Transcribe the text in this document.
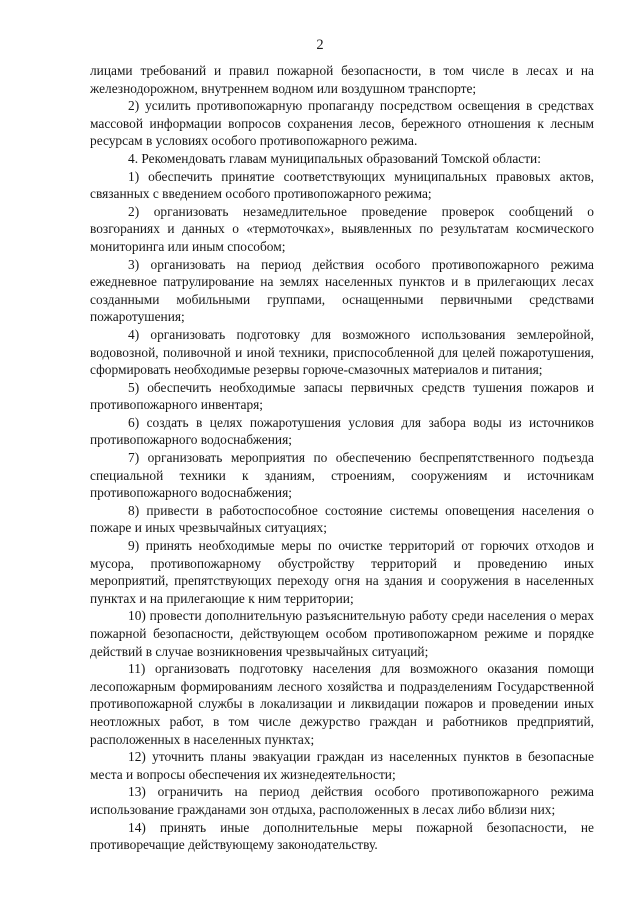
2

лицами требований и правил пожарной безопасности, в том числе в лесах и на железнодорожном, внутреннем водном или воздушном транспорте;

2) усилить противопожарную пропаганду посредством освещения в средствах массовой информации вопросов сохранения лесов, бережного отношения к лесным ресурсам в условиях особого противопожарного режима.

4. Рекомендовать главам муниципальных образований Томской области:

1) обеспечить принятие соответствующих муниципальных правовых актов, связанных с введением особого противопожарного режима;

2) организовать незамедлительное проведение проверок сообщений о возгораниях и данных о «термоточках», выявленных по результатам космического мониторинга или иным способом;

3) организовать на период действия особого противопожарного режима ежедневное патрулирование на землях населенных пунктов и в прилегающих лесах созданными мобильными группами, оснащенными первичными средствами пожаротушения;

4) организовать подготовку для возможного использования землеройной, водовозной, поливочной и иной техники, приспособленной для целей пожаротушения, сформировать необходимые резервы горюче-смазочных материалов и питания;

5) обеспечить необходимые запасы первичных средств тушения пожаров и противопожарного инвентаря;

6) создать в целях пожаротушения условия для забора воды из источников противопожарного водоснабжения;

7) организовать мероприятия по обеспечению беспрепятственного подъезда специальной техники к зданиям, строениям, сооружениям и источникам противопожарного водоснабжения;

8) привести в работоспособное состояние системы оповещения населения о пожаре и иных чрезвычайных ситуациях;

9) принять необходимые меры по очистке территорий от горючих отходов и мусора, противопожарному обустройству территорий и проведению иных мероприятий, препятствующих переходу огня на здания и сооружения в населенных пунктах и на прилегающие к ним территории;

10) провести дополнительную разъяснительную работу среди населения о мерах пожарной безопасности, действующем особом противопожарном режиме и порядке действий в случае возникновения чрезвычайных ситуаций;

11) организовать подготовку населения для возможного оказания помощи лесопожарным формированиям лесного хозяйства и подразделениям Государственной противопожарной службы в локализации и ликвидации пожаров и проведении иных неотложных работ, в том числе дежурство граждан и работников предприятий, расположенных в населенных пунктах;

12) уточнить планы эвакуации граждан из населенных пунктов в безопасные места и вопросы обеспечения их жизнедеятельности;

13) ограничить на период действия особого противопожарного режима использование гражданами зон отдыха, расположенных в лесах либо вблизи них;

14) принять иные дополнительные меры пожарной безопасности, не противоречащие действующему законодательству.
